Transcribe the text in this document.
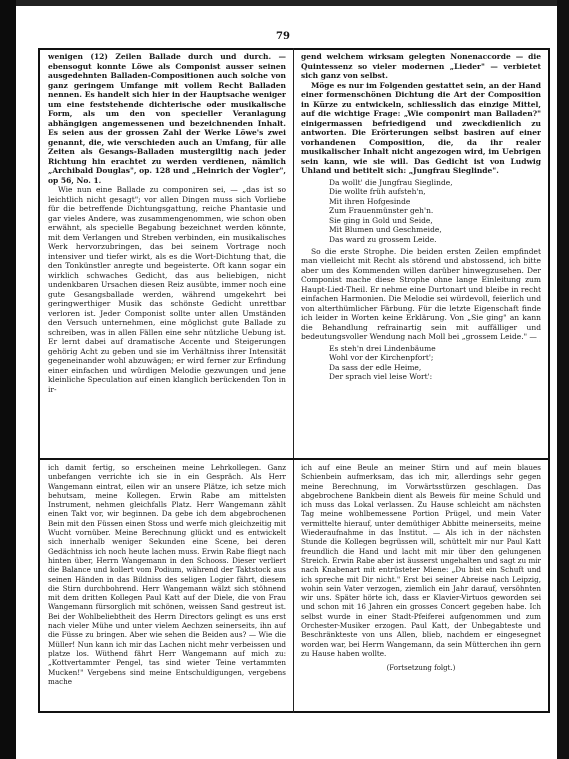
79

wenigen (12) Zeilen Ballade durch und durch. — ebensogut konnte Löwe als Componist ausser seinen ausgedehnten Balladen-Compositionen auch solche von ganz geringem Umfange mit vollem Recht Balladen nennen. Es handelt sich hier in der Hauptsache weniger um eine feststehende dichterische oder musikalische Form, als um den von specieller Veranlagung abhängigen angemessenen und bezeichnenden Inhalt. Es seien aus der grossen Zahl der Werke Löwe's zwei genannt, die, wie verschieden auch an Umfang, für alle Zeiten als Gesangs-Balladen mustergiltig nach jeder Richtung hin erachtet zu werden verdienen, nämlich „Archibald Douglas", op. 128 und „Heinrich der Vogler", op 56, No. 1.

Wie nun eine Ballade zu componiren sei, — „das ist so leichtlich nicht gesagt"; vor allen Dingen muss sich Vorliebe für die betreffende Dichtungsgattung, reiche Phantasie und gar vieles Andere, was zusammengenommen, wie schon oben erwähnt, als specielle Begabung bezeichnet werden könnte, mit dem Verlangen und Streben verbinden, ein musikalisches Werk hervorzubringen, das bei seinem Vortrage noch intensiver und tiefer wirkt, als es die Wort-Dichtung that, die den Tonkünstler anregte und begeisterte. Oft kann sogar ein wirklich schwaches Gedicht, das aus beliebigen, nicht undenkbaren Ursachen diesen Reiz ausübte, immer noch eine gute Gesangsballade werden, während umgekehrt bei geringwerthiger Musik das schönste Gedicht unrettbar verloren ist. Jeder Componist sollte unter allen Umständen den Versuch unternehmen, eine möglichst gute Ballade zu schreiben, was in allen Fällen eine sehr nützliche Uebung ist. Er lernt dabei auf dramatische Accente und Steigerungen gehörig Acht zu geben und sie im Verhältniss ihrer Intensität gegeneinander wohl abzuwägen; er wird ferner zur Erfindung einer einfachen und würdigen Melodie gezwungen und jene kleinliche Speculation auf einen klanglich berückenden Ton in ir-

gend welchem wirksam gelegten Nonenaccorde — die Quintessenz so vieler modernen „Lieder" — verbietet sich ganz von selbst.

Möge es nur im Folgenden gestattet sein, an der Hand einer formenschönen Dichtung die Art der Composition in Kürze zu entwickeln, schliesslich das einzige Mittel, auf die wichtige Frage: „Wie componirt man Balladen?" einigermassen befriedigend und zweckdienlich zu antworten. Die Erörterungen selbst basiren auf einer vorhandenen Composition, die, da ihr realer musikalischer Inhalt nicht angezogen wird, im Uebrigen sein kann, wie sie will. Das Gedicht ist von Ludwig Uhland und betitelt sich: „Jungfrau Sieglinde".

Da wollt' die Jungfrau Sieglinde,
Die wollte früh aufsteh'n,
Mit ihren Hofgesinde
Zum Frauenmünster geh'n.
Sie ging in Gold und Seide,
Mit Blumen und Geschmeide,
Das ward zu grossem Leide.

So die erste Strophe. Die beiden ersten Zeilen empfindet man vielleicht mit Recht als störend und abstossend, ich bitte aber um des Kommenden willen darüber hinwegzusehen. Der Componist mache diese Strophe ohne lange Einleitung zum Haupt-Lied-Theil. Er nehme eine Durtonart und bleibe in recht einfachen Harmonien. Die Melodie sei würdevoll, feierlich und von alterthümlicher Färbung. Für die letzte Eigenschaft finde ich leider in Worten keine Erklärung. Von „Sie ging" an kann die Behandlung refrainartig sein mit auffälliger und bedeutungsvoller Wendung nach Moll bei „grossem Leide." —

Es steh'n drei Lindenbäume
Wohl vor der Kirchenpfort';
Da sass der edle Heime,
Der sprach viel leise Wort':

ich damit fertig, so erscheinen meine Lehrkollegen. Ganz unbefangen verrichte ich sie in ein Gespräch. Als Herr Wangemann eintrat, eilen wir an unsere Plätze, ich setze mich behutsam, meine Kollegen. Erwin Rabe am mittelsten Instrument, nehmen gleichfalls Platz. Herr Wangemann zählt einen Takt vor, wir beginnen. Da gebe ich dem abgebrochenen Bein mit den Füssen einen Stoss und werfe mich gleichzeitig mit Wucht vornüber. Meine Berechnung glückt und es entwickelt sich innerhalb weniger Sekunden eine Scene, bei deren Gedächtniss ich noch heute lachen muss. Erwin Rabe fliegt nach hinten über, Herrn Wangemann in den Schooss. Dieser verliert die Balance und kollert vom Podium, während der Taktstock aus seinen Händen in das Bildniss des seligen Logier fährt, diesem die Stirn durchbohrend. Herr Wangemann wälzt sich stöhnend mit dem dritten Kollegen Paul Katt auf der Diele, die von Frau Wangemann fürsorglich mit schönen, weissen Sand gestreut ist. Bei der Wohlbeliebtheit des Herrn Directors gelingt es uns erst nach vieler Mühe und unter vielem Aechzen seinerseits, ihn auf die Füsse zu bringen. Aber wie sehen die Beiden aus? — Wie die Müller! Nun kann ich mir das Lachen nicht mehr verbeissen und platze los. Wüthend fährt Herr Wangemann auf mich zu: „Kottvertammter Pengel, tas sind wieter Teine vertammten Mucken!" Vergebens sind meine Entschuldigungen, vergebens mache

ich auf eine Beule an meiner Stirn und auf mein blaues Schienbein aufmerksam, das ich mir, allerdings sehr gegen meine Berechnung, im Vorwärtsstürzen geschlagen. Das abgebrochene Bankbein dient als Beweis für meine Schuld und ich muss das Lokal verlassen. Zu Hause schleicht am nächsten Tag meine wohlbemessene Portion Prügel, und mein Vater vermittelte hierauf, unter demüthiger Abbitte meinerseits, meine Wiederaufnahme in das Institut. — Als ich in der nächsten Stunde die Kollegen begrüssen will, schüttelt mir nur Paul Katt freundlich die Hand und lacht mit mir über den gelungenen Streich. Erwin Rabe aber ist äusserst ungehalten und sagt zu mir nach Knabenart mit entrüsteter Miene: „Du bist ein Schuft und ich spreche mit Dir nicht." Erst bei seiner Abreise nach Leipzig, wohin sein Vater verzogen, ziemlich ein Jahr darauf, versöhnten wir uns. Später hörte ich, dass er Klavier-Virtuos geworden sei und schon mit 16 Jahren ein grosses Concert gegeben habe. Ich selbst wurde in einer Stadt-Pfeiferei aufgenommen und zum Orchester-Musiker erzogen. Paul Katt, der Unbegabteste und Beschränkteste von uns Allen, blieb, nachdem er eingesegnet worden war, bei Herrn Wangemann, da sein Mütterchen ihn gern zu Hause haben wollte.

(Fortsetzung folgt.)
